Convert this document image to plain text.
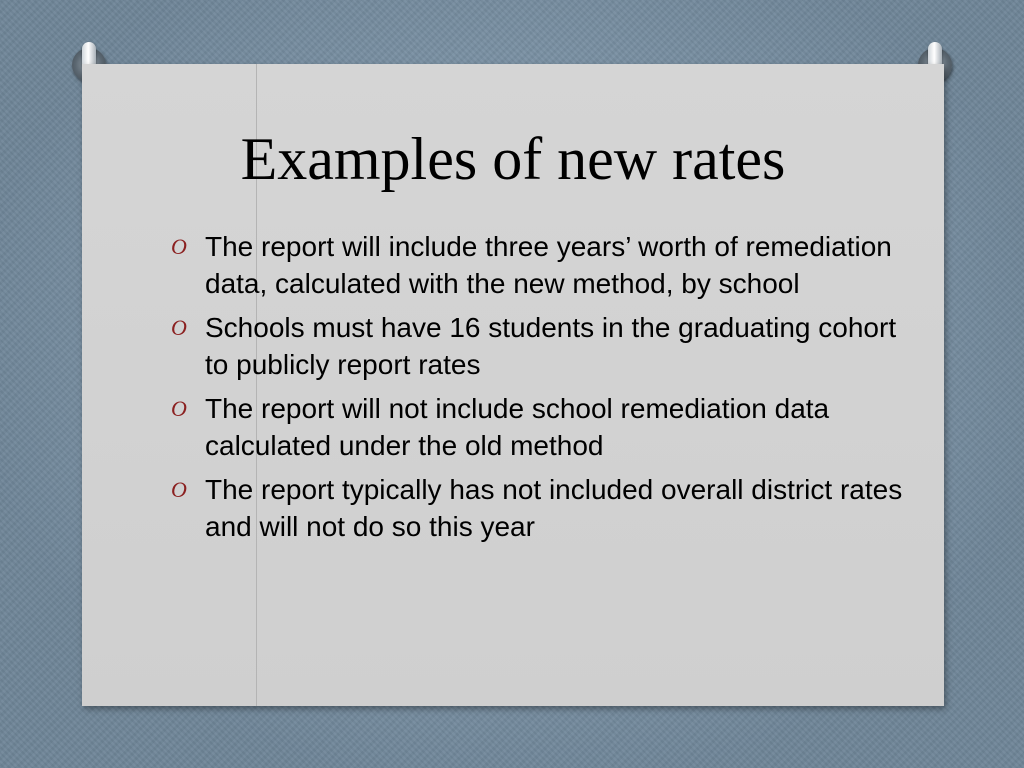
Examples of new rates
O The report will include three years’ worth of remediation data, calculated with the new method, by school
O Schools must have 16 students in the graduating cohort to publicly report rates
O The report will not include school remediation data calculated under the old method
O The report typically has not included overall district rates and will not do so this year
